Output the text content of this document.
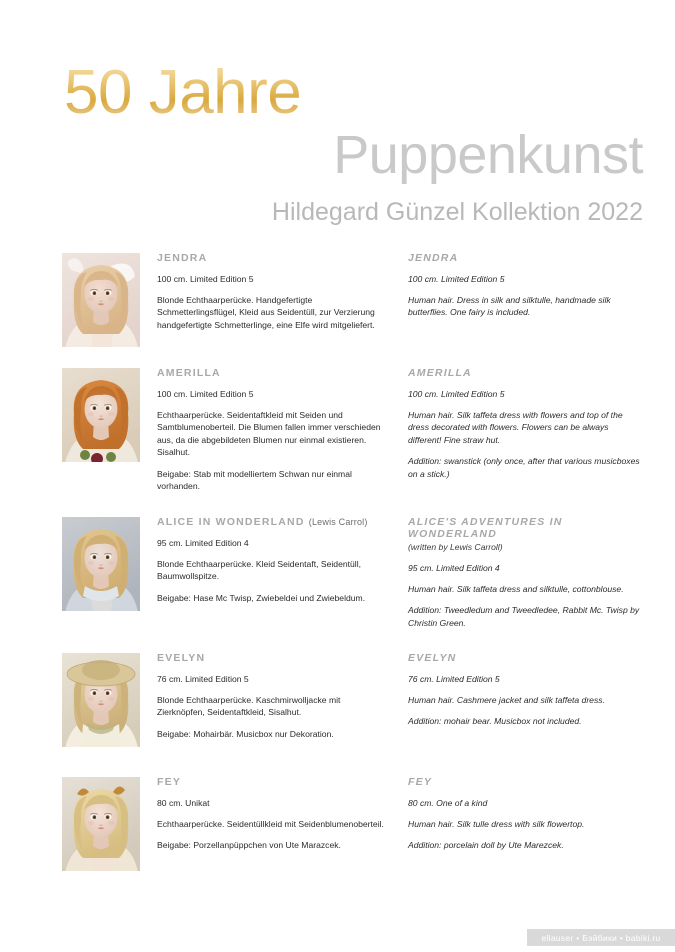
50 Jahre
Puppenkunst
Hildegard Günzel Kollektion 2022
JENDRA
100 cm. Limited Edition 5
Blonde Echthaarperücke. Handgefertigte Schmetterlingsflügel, Kleid aus Seidentüll, zur Verzierung handgefertigte Schmetterlinge, eine Elfe wird mitgeliefert.
JENDRA
100 cm. Limited Edition 5
Human hair. Dress in silk and silktulle, handmade silk butterflies. One fairy is included.
AMERILLA
100 cm. Limited Edition 5
Echthaarperücke. Seidentaftkleid mit Seiden und Samtblumenoberteil. Die Blumen fallen immer verschieden aus, da die abgebildeten Blumen nur einmal existieren. Sisalhut.
Beigabe: Stab mit modelliertem Schwan nur einmal vorhanden.
AMERILLA
100 cm. Limited Edition 5
Human hair. Silk taffeta dress with flowers and top of the dress decorated with flowers. Flowers can be always different! Fine straw hut.
Addition: swanstick (only once, after that various musicboxes on a stick.)
ALICE IN WONDERLAND (Lewis Carrol)
95 cm. Limited Edition 4
Blonde Echthaarperücke. Kleid Seidentaft, Seidentüll, Baumwollspitze.
Beigabe: Hase Mc Twisp, Zwiebeldei und Zwiebeldum.
ALICE'S ADVENTURES IN WONDERLAND
(written by Lewis Carroll)
95 cm. Limited Edition 4
Human hair. Silk taffeta dress and silktulle, cottonblouse.
Addition: Tweedledum and Tweedledee, Rabbit Mc. Twisp by Christin Green.
EVELYN
76 cm. Limited Edition 5
Blonde Echthaarperücke. Kaschmirwolljacke mit Zierknöpfen, Seidentaftkleid, Sisalhut.
Beigabe: Mohairbär. Musicbox nur Dekoration.
EVELYN
76 cm. Limited Edition 5
Human hair. Cashmere jacket and silk taffeta dress.
Addition: mohair bear. Musicbox not included.
FEY
80 cm. Unikat
Echthaarperücke. Seidentüllkleid mit Seidenblumenoberteil.
Beigabe: Porzellanpüppchen von Ute Marazcek.
FEY
80 cm. One of a kind
Human hair. Silk tulle dress with silk flowertop.
Addition: porcelain doll by Ute Marezcek.
ellauser • Бэйбики • babiki.ru
